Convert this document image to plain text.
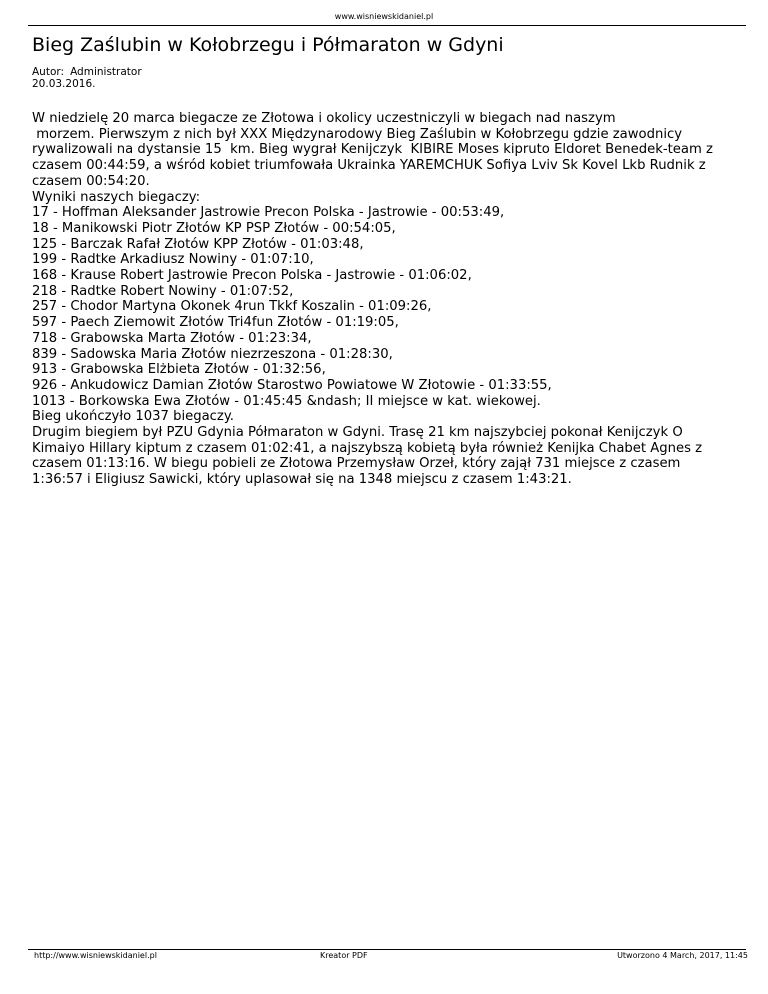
www.wisniewskidaniel.pl
Bieg Zaślubin w Kołobrzegu i Półmaraton w Gdyni
Autor: Administrator
20.03.2016.
W niedzielę 20 marca biegacze ze Złotowa i okolicy uczestniczyli w biegach nad naszym
morzem. Pierwszym z nich był XXX Międzynarodowy Bieg Zaślubin w Kołobrzegu gdzie zawodnicy
rywalizowali na dystansie 15  km. Bieg wygrał Kenijczyk  KIBIRE Moses kipruto Eldoret Benedek-team z
czasem 00:44:59, a wśród kobiet triumfowała Ukrainka YAREMCHUK Sofiya Lviv Sk Kovel Lkb Rudnik z
czasem 00:54:20.
Wyniki naszych biegaczy:
17 - Hoffman Aleksander Jastrowie Precon Polska - Jastrowie - 00:53:49,
18 - Manikowski Piotr Złotów KP PSP Złotów - 00:54:05,
125 - Barczak Rafał Złotów KPP Złotów - 01:03:48,
199 - Radtke Arkadiusz Nowiny - 01:07:10,
168 - Krause Robert Jastrowie Precon Polska - Jastrowie - 01:06:02,
218 - Radtke Robert Nowiny - 01:07:52,
257 - Chodor Martyna Okonek 4run Tkkf Koszalin - 01:09:26,
597 - Paech Ziemowit Złotów Tri4fun Złotów - 01:19:05,
718 - Grabowska Marta Złotów - 01:23:34,
839 - Sadowska Maria Złotów niezrzeszona - 01:28:30,
913 - Grabowska Elżbieta Złotów - 01:32:56,
926 - Ankudowicz Damian Złotów Starostwo Powiatowe W Złotowie - 01:33:55,
1013 - Borkowska Ewa Złotów - 01:45:45 &ndash; II miejsce w kat. wiekowej.
Bieg ukończyło 1037 biegaczy.
Drugim biegiem był PZU Gdynia Półmaraton w Gdyni. Trasę 21 km najszybciej pokonał Kenijczyk O
Kimaiyo Hillary kiptum z czasem 01:02:41, a najszybszą kobietą była również Kenijka Chabet Agnes z
czasem 01:13:16. W biegu pobieli ze Złotowa Przemysław Orzeł, który zajął 731 miejsce z czasem
1:36:57 i Eligiusz Sawicki, który uplasował się na 1348 miejscu z czasem 1:43:21.
http://www.wisniewskidaniel.pl	Kreator PDF	Utworzono 4 March, 2017, 11:45
